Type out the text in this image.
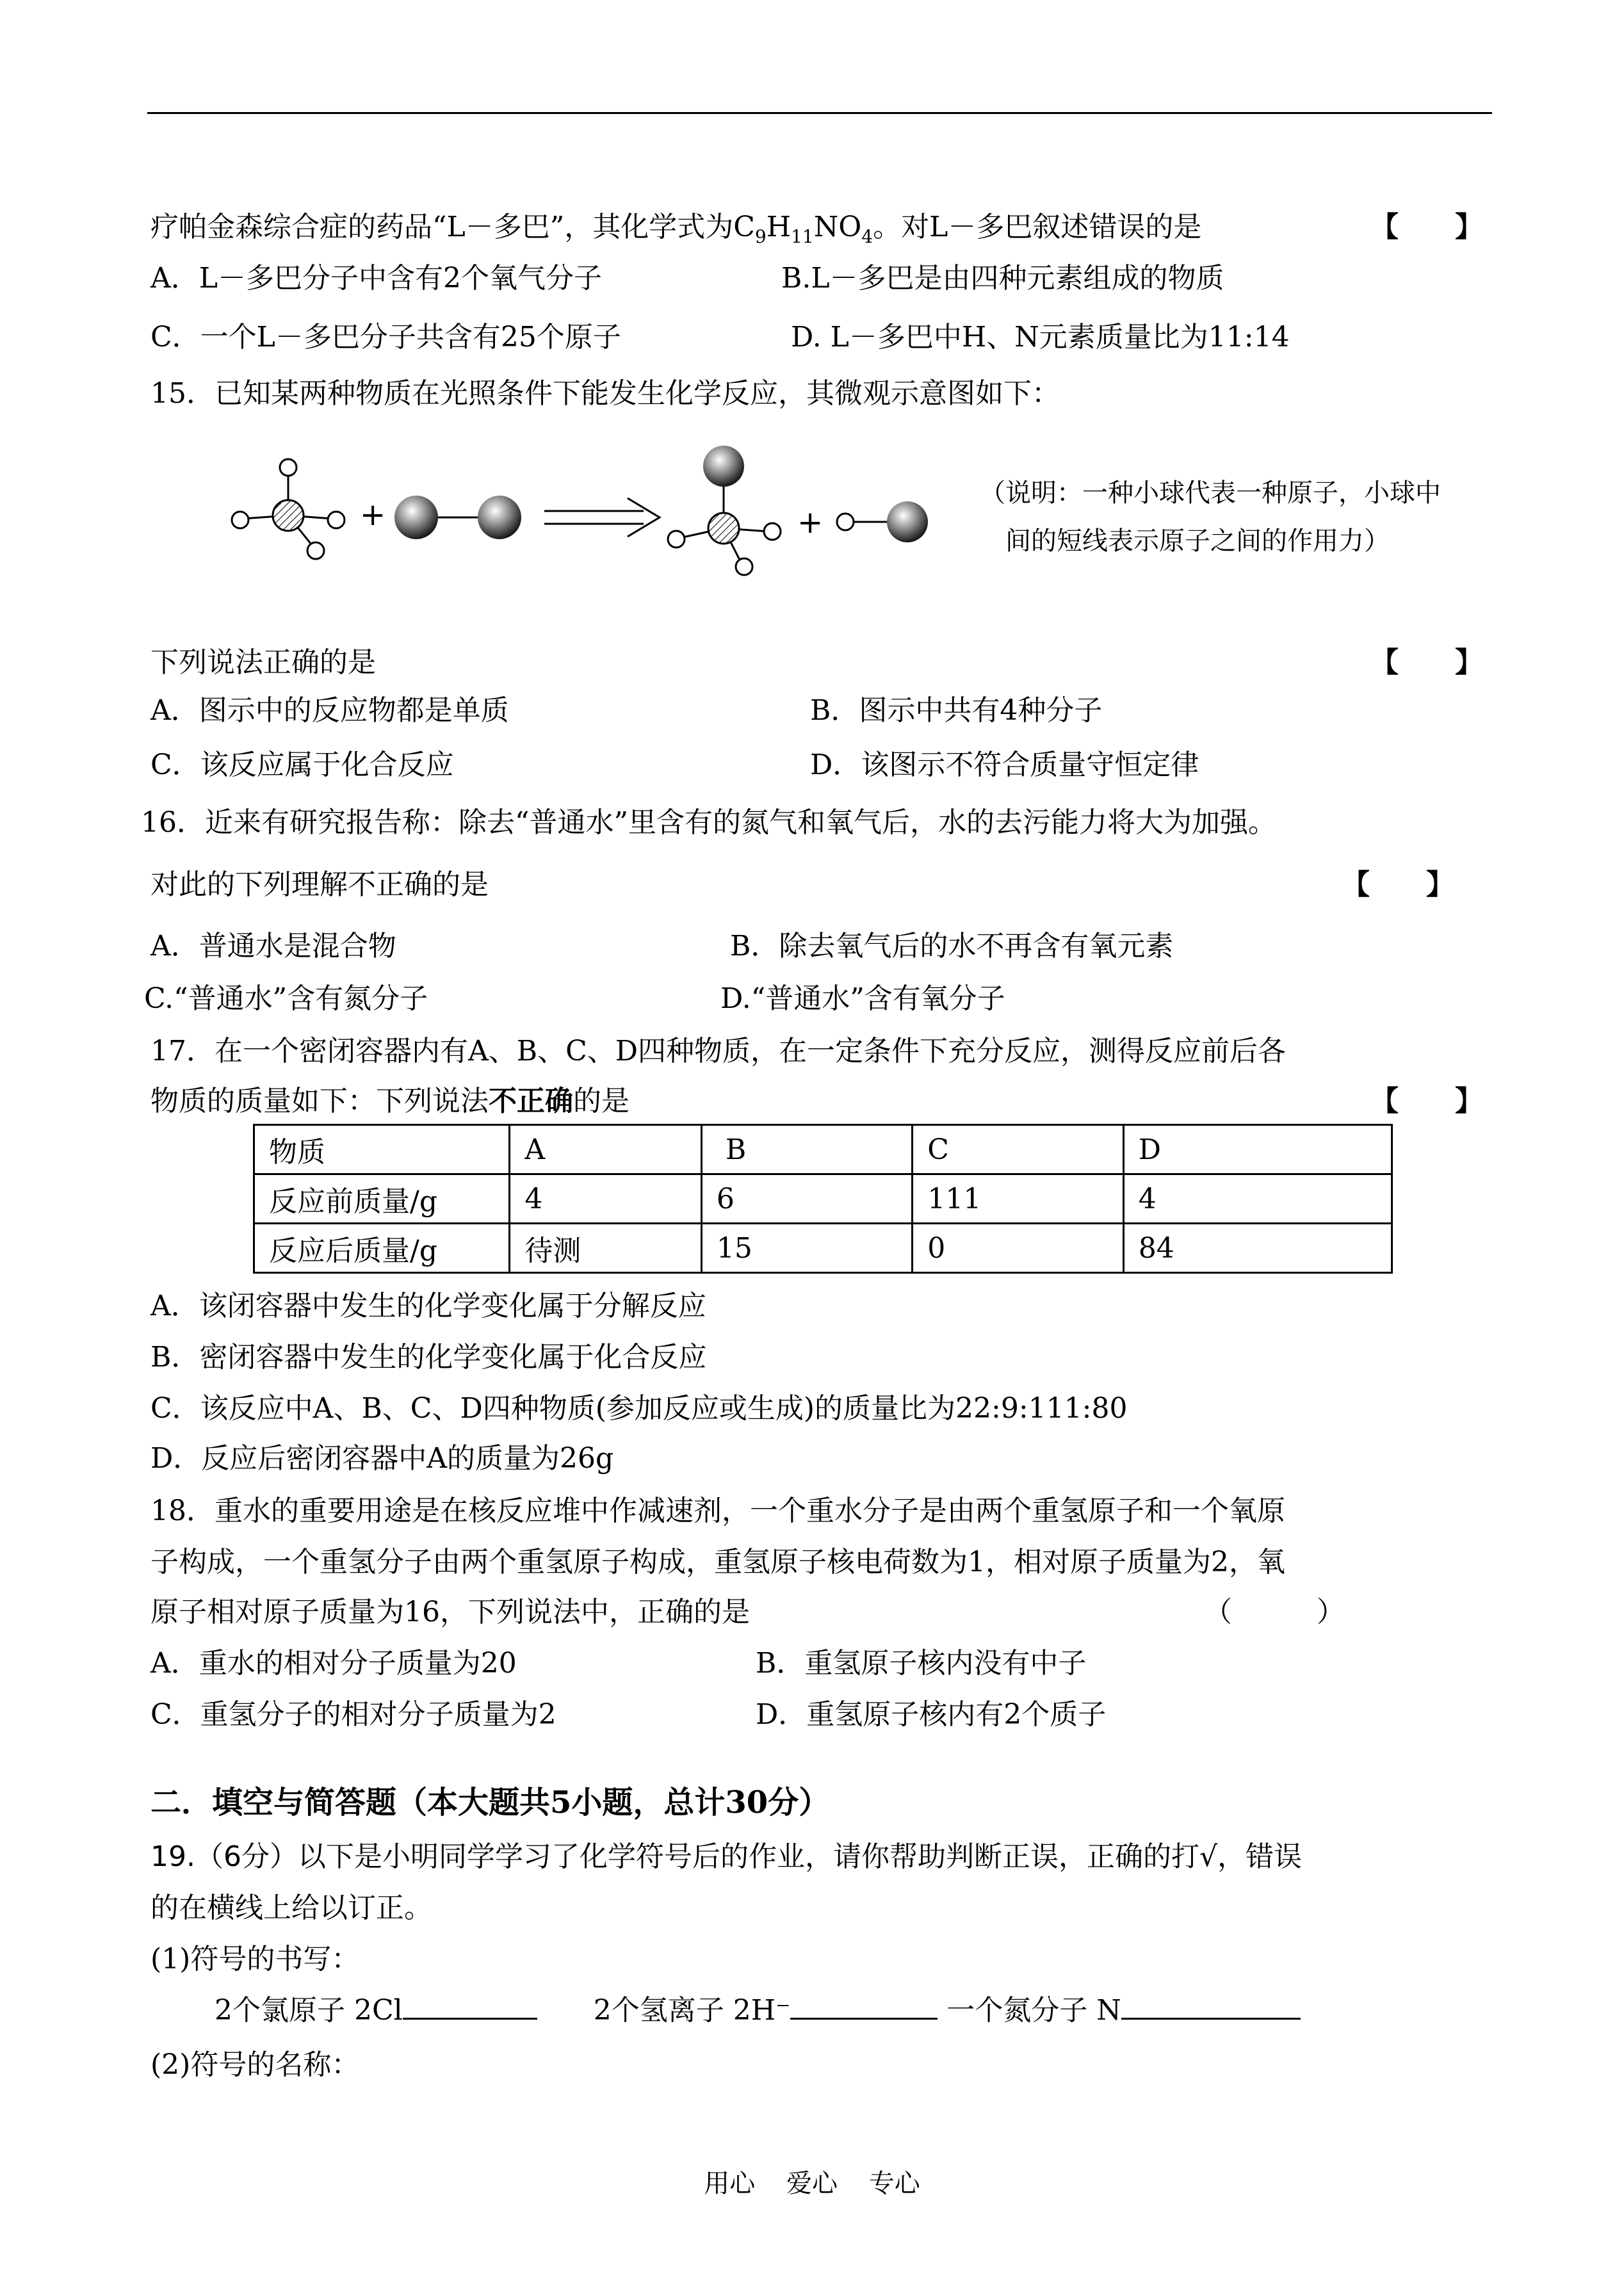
疗帕金森综合症的药品“L－多巴”，其化学式为$C_9H_{11}NO_4$。对L－多巴叙述错误的是	【　　】
A．L－多巴分子中含有2个氧气分子	B.L－多巴是由四种元素组成的物质
C．一个L－多巴分子共含有25个原子	D. L－多巴中H、N元素质量比为11:14
15．已知某两种物质在光照条件下能发生化学反应，其微观示意图如下：
+	+
（说明：一种小球代表一种原子，小球中
间的短线表示原子之间的作用力）
下列说法正确的是	【　　】
A．图示中的反应物都是单质	B．图示中共有4种分子
C．该反应属于化合反应	D．该图示不符合质量守恒定律
16．近来有研究报告称：除去“普通水”里含有的氮气和氧气后，水的去污能力将大为加强。
对此的下列理解不正确的是	【　　】
A．普通水是混合物	B．除去氧气后的水不再含有氧元素
C.“普通水”含有氮分子	D.“普通水”含有氧分子
17．在一个密闭容器内有A、B、C、D四种物质，在一定条件下充分反应，测得反应前后各
物质的质量如下：下列说法不正确的是	【　　】
物质	A	B	C	D
反应前质量/g	4	6	111	4
反应后质量/g	待测	15	0	84
A．该闭容器中发生的化学变化属于分解反应
B．密闭容器中发生的化学变化属于化合反应
C．该反应中A、B、C、D四种物质(参加反应或生成)的质量比为22:9:111:80
D．反应后密闭容器中A的质量为26g
18．重水的重要用途是在核反应堆中作减速剂，一个重水分子是由两个重氢原子和一个氧原
子构成，一个重氢分子由两个重氢原子构成，重氢原子核电荷数为1，相对原子质量为2，氧
原子相对原子质量为16，下列说法中，正确的是	（　　　）
A．重水的相对分子质量为20	B．重氢原子核内没有中子
C．重氢分子的相对分子质量为2	D．重氢原子核内有2个质子
二．填空与简答题（本大题共5小题，总计30分）
19.（6分）以下是小明同学学习了化学符号后的作业，请你帮助判断正误，正确的打√，错误
的在横线上给以订正。
(1)符号的书写：
2个氯原子 2Cl	2个氢离子 2H⁻	一个氮分子 N
(2)符号的名称：
用心 爱心 专心
